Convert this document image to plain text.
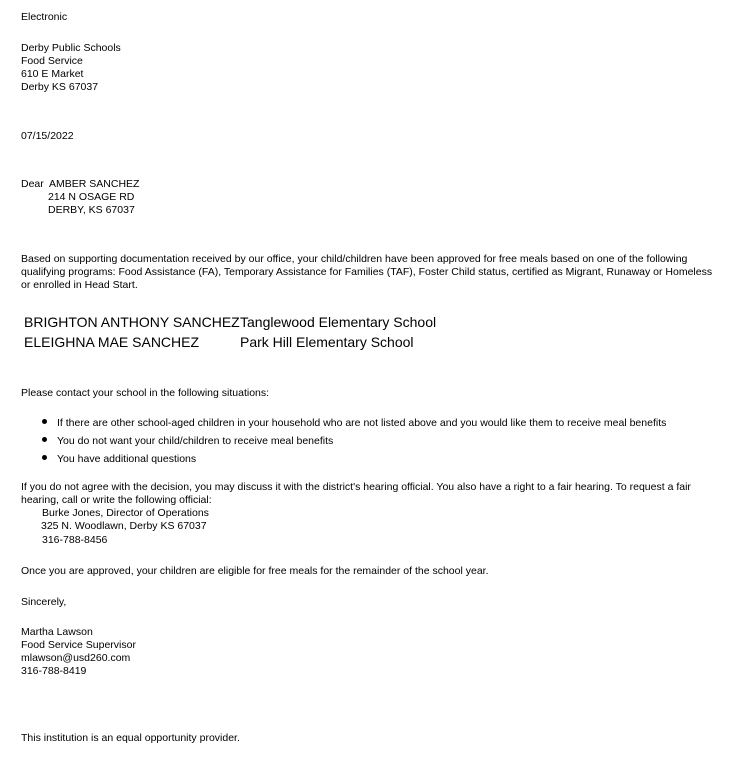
Electronic
Derby Public Schools
Food Service
610 E Market
Derby KS 67037
07/15/2022
Dear AMBER SANCHEZ
214 N OSAGE RD
DERBY, KS 67037
Based on supporting documentation received by our office, your child/children have been approved for free meals based on one of the following qualifying programs: Food Assistance (FA), Temporary Assistance for Families (TAF), Foster Child status, certified as Migrant, Runaway or Homeless or enrolled in Head Start.
BRIGHTON ANTHONY SANCHEZ Tanglewood Elementary School
ELEIGHNA MAE SANCHEZ	Park Hill Elementary School
Please contact your school in the following situations:
If there are other school-aged children in your household who are not listed above and you would like them to receive meal benefits
You do not want your child/children to receive meal benefits
You have additional questions
If you do not agree with the decision, you may discuss it with the district's hearing official. You also have a right to a fair hearing. To request a fair hearing, call or write the following official:
Burke Jones, Director of Operations
325 N. Woodlawn, Derby KS 67037
316-788-8456
Once you are approved, your children are eligible for free meals for the remainder of the school year.
Sincerely,
Martha Lawson
Food Service Supervisor
mlawson@usd260.com
316-788-8419
This institution is an equal opportunity provider.
